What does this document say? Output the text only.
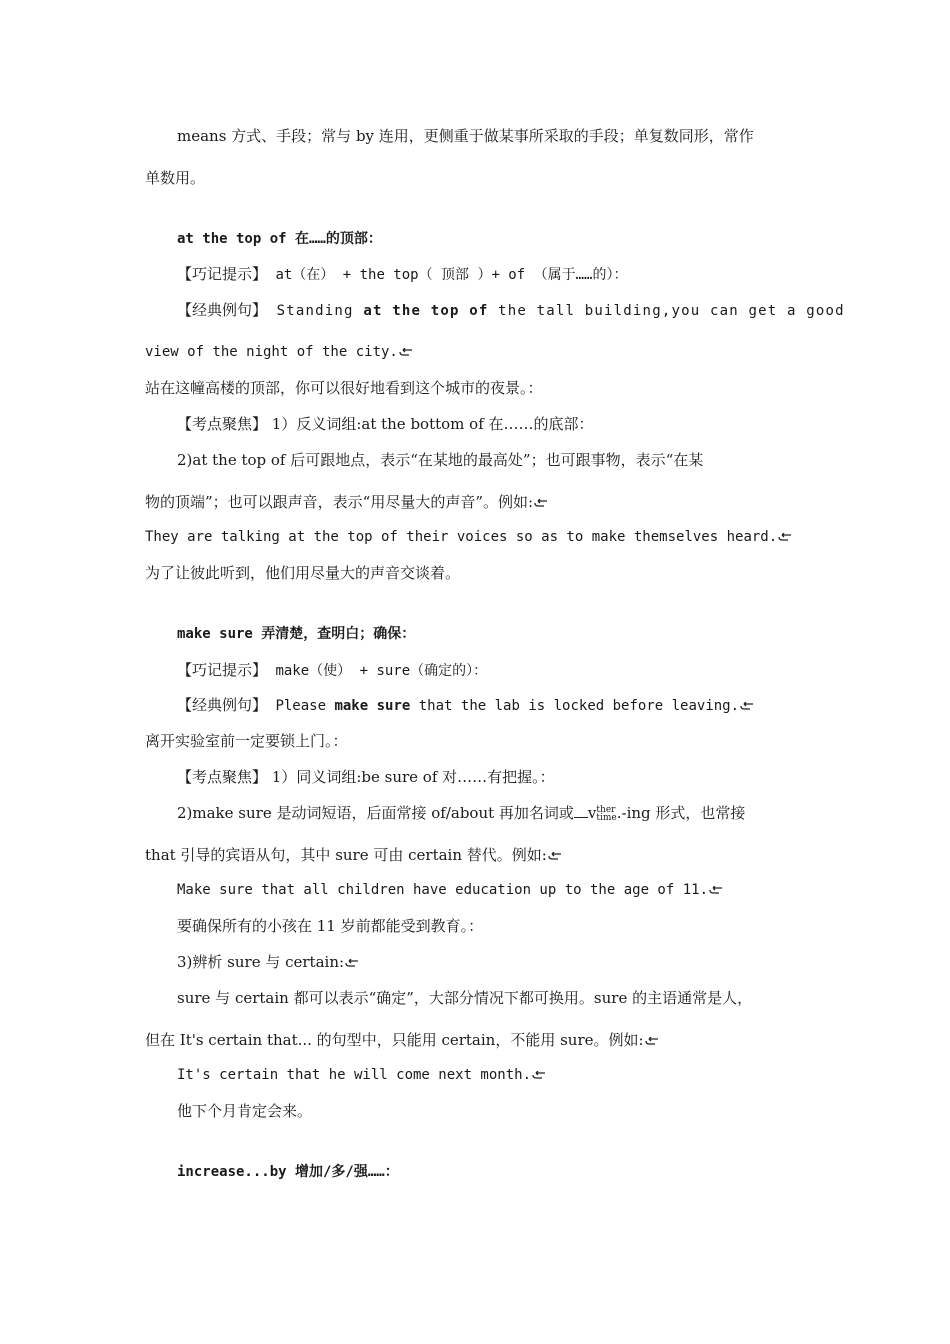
means 方式、手段；常与 by 连用，更侧重于做某事所采取的手段；单复数同形，常作
单数用。
at the top of 在……的顶部：
【巧记提示】 at（在） + the top（ 顶部 ）+ of （属于……的）：
【经典例句】 Standing at the top of the tall building,you can get a good
view of the night of the city.
站在这幢高楼的顶部，你可以很好地看到这个城市的夜景。：
【考点聚焦】 1）反义词组:at the bottom of 在……的底部：
2)at the top of 后可跟地点，表示“在某地的最高处”；也可跟事物，表示“在某
物的顶端”；也可以跟声音，表示“用尽量大的声音”。例如:
They are talking at the top of their voices so as to make themselves heard.
为了让彼此听到，他们用尽量大的声音交谈着。
make sure 弄清楚，查明白；确保：
【巧记提示】 make（使） + sure（确定的）：
【经典例句】 Please make sure that the lab is locked before leaving.
离开实验室前一定要锁上门。：
【考点聚焦】 1）同义词组:be sure of 对……有把握。：
2)make sure 是动词短语，后面常接 of/about 再加名词或 v ther
time .-ing 形式，也常接
that 引导的宾语从句，其中 sure 可由 certain 替代。例如:
Make sure that all children have education up to the age of 11.
要确保所有的小孩在 11 岁前都能受到教育。：
3)辨析 sure 与 certain:
sure 与 certain 都可以表示“确定”，大部分情况下都可换用。sure 的主语通常是人，
但在 It's certain that... 的句型中，只能用 certain，不能用 sure。例如:
It's certain that he will come next month.
他下个月肯定会来。
increase...by 增加/多/强……：
